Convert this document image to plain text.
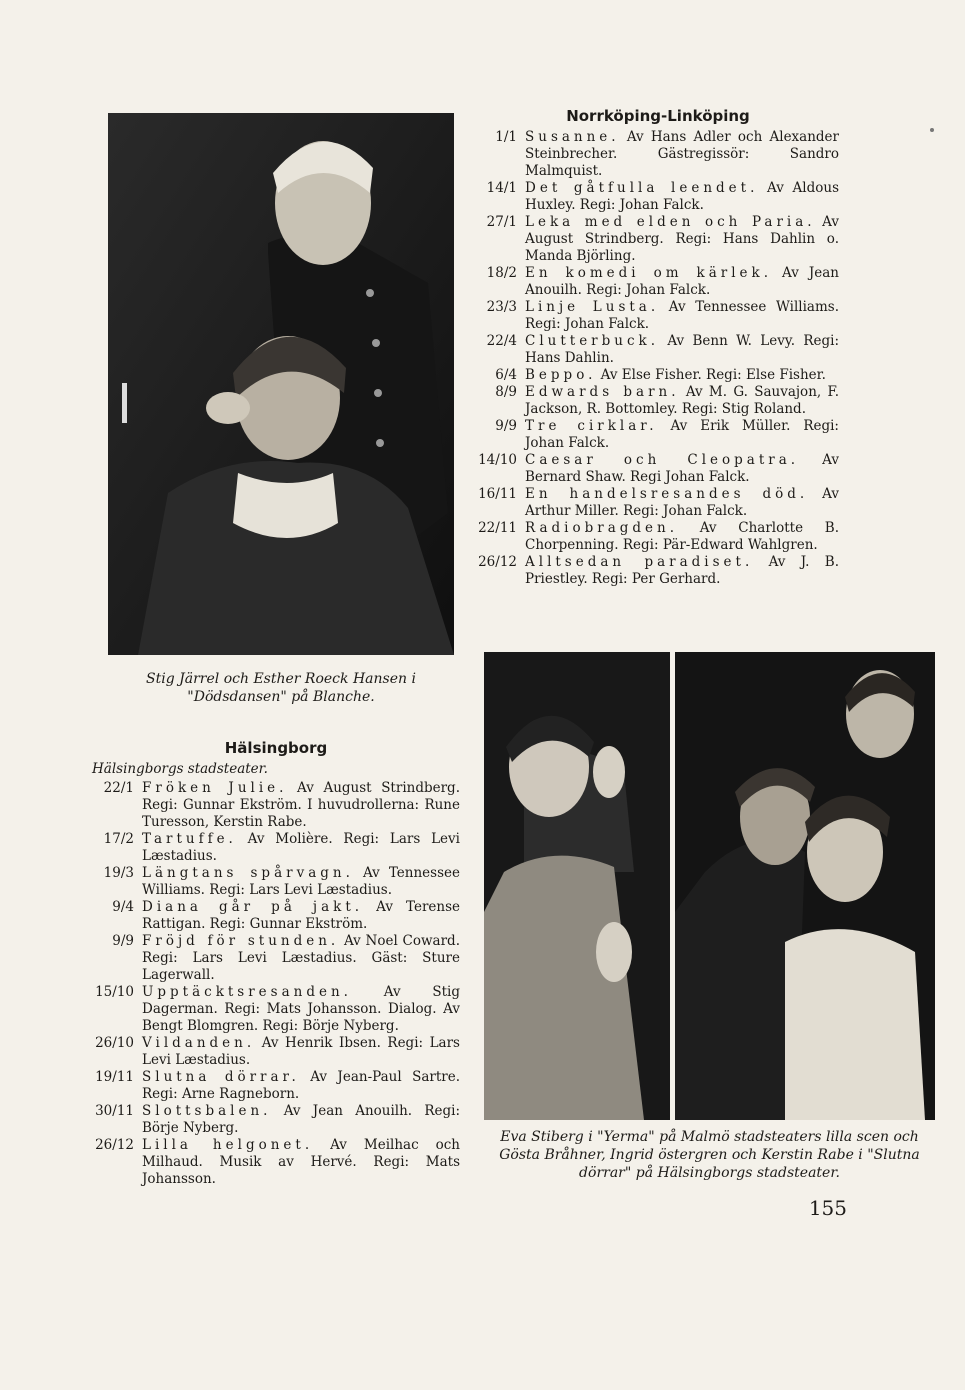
Stig Järrel och Esther Roeck Hansen i "Dödsdansen" på Blanche.
Norrköping-Linköping
1/1 Susanne. Av Hans Adler och Alexander Steinbrecher. Gästregissör: Sandro Malmquist.
14/1 Det gåtfulla leendet. Av Aldous Huxley. Regi: Johan Falck.
27/1 Leka med elden och Paria. Av August Strindberg. Regi: Hans Dahlin o. Manda Björling.
18/2 En komedi om kärlek. Av Jean Anouilh. Regi: Johan Falck.
23/3 Linje Lusta. Av Tennessee Williams. Regi: Johan Falck.
22/4 Clutterbuck. Av Benn W. Levy. Regi: Hans Dahlin.
6/4 Beppo. Av Else Fisher. Regi: Else Fisher.
8/9 Edwards barn. Av M. G. Sauvajon, F. Jackson, R. Bottomley. Regi: Stig Roland.
9/9 Tre cirklar. Av Erik Müller. Regi: Johan Falck.
14/10 Caesar och Cleopatra. Av Bernard Shaw. Regi Johan Falck.
16/11 En handelsresandes död. Av Arthur Miller. Regi: Johan Falck.
22/11 Radiobragden. Av Charlotte B. Chorpenning. Regi: Pär-Edward Wahlgren.
26/12 Alltsedan paradiset. Av J. B. Priestley. Regi: Per Gerhard.
Hälsingborg
Hälsingborgs stadsteater.
22/1 Fröken Julie. Av August Strindberg. Regi: Gunnar Ekström. I huvudrollerna: Rune Turesson, Kerstin Rabe.
17/2 Tartuffe. Av Molière. Regi: Lars Levi Læstadius.
19/3 Längtans spårvagn. Av Tennessee Williams. Regi: Lars Levi Læstadius.
9/4 Diana går på jakt. Av Terense Rattigan. Regi: Gunnar Ekström.
9/9 Fröjd för stunden. Av Noel Coward. Regi: Lars Levi Læstadius. Gäst: Sture Lagerwall.
15/10 Upptäcktsresanden. Av Stig Dagerman. Regi: Mats Johansson. Dialog. Av Bengt Blomgren. Regi: Börje Nyberg.
26/10 Vildanden. Av Henrik Ibsen. Regi: Lars Levi Læstadius.
19/11 Slutna dörrar. Av Jean-Paul Sartre. Regi: Arne Ragneborn.
30/11 Slottsbalen. Av Jean Anouilh. Regi: Börje Nyberg.
26/12 Lilla helgonet. Av Meilhac och Milhaud. Musik av Hervé. Regi: Mats Johansson.
Eva Stiberg i "Yerma" på Malmö stadsteaters lilla scen och Gösta Bråhner, Ingrid östergren och Kerstin Rabe i "Slutna dörrar" på Hälsingborgs stadsteater.
155
